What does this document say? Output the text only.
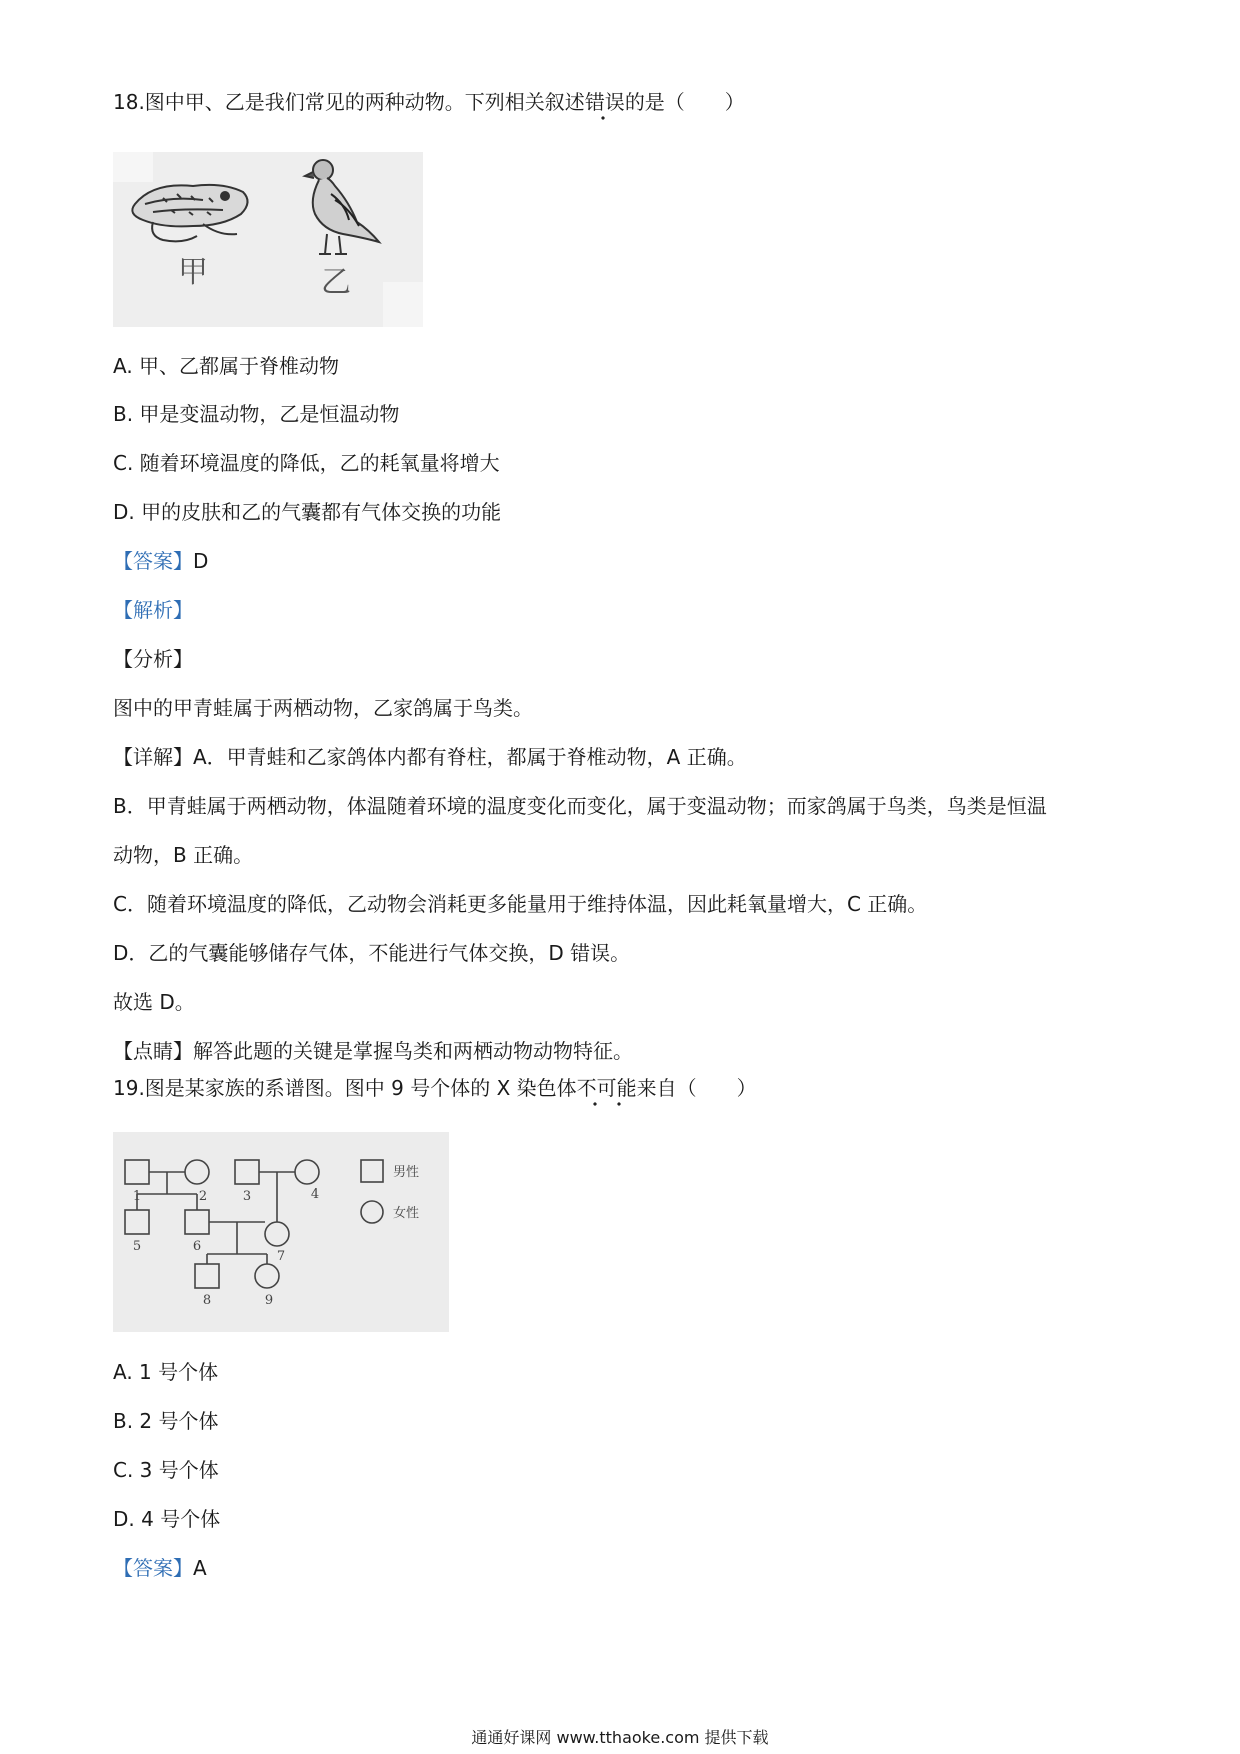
18.图中甲、乙是我们常见的两种动物。下列相关叙述错误的是（　　）
甲	乙
A. 甲、乙都属于脊椎动物
B. 甲是变温动物，乙是恒温动物
C. 随着环境温度的降低，乙的耗氧量将增大
D. 甲的皮肤和乙的气囊都有气体交换的功能
【答案】D
【解析】
【分析】
图中的甲青蛙属于两栖动物，乙家鸽属于鸟类。
【详解】A．甲青蛙和乙家鸽体内都有脊柱，都属于脊椎动物，A 正确。
B．甲青蛙属于两栖动物，体温随着环境的温度变化而变化，属于变温动物；而家鸽属于鸟类，鸟类是恒温
动物，B 正确。
C．随着环境温度的降低，乙动物会消耗更多能量用于维持体温，因此耗氧量增大，C 正确。
D．乙的气囊能够储存气体，不能进行气体交换，D 错误。
故选 D。
【点睛】解答此题的关键是掌握鸟类和两栖动物动物特征。
19.图是某家族的系谱图。图中 9 号个体的 X 染色体不可能来自（　　）
1	2	3	4
5	6
7
8	9
男性
女性
A. 1 号个体
B. 2 号个体
C. 3 号个体
D. 4 号个体
【答案】A
通通好课网 www.tthaoke.com 提供下载
